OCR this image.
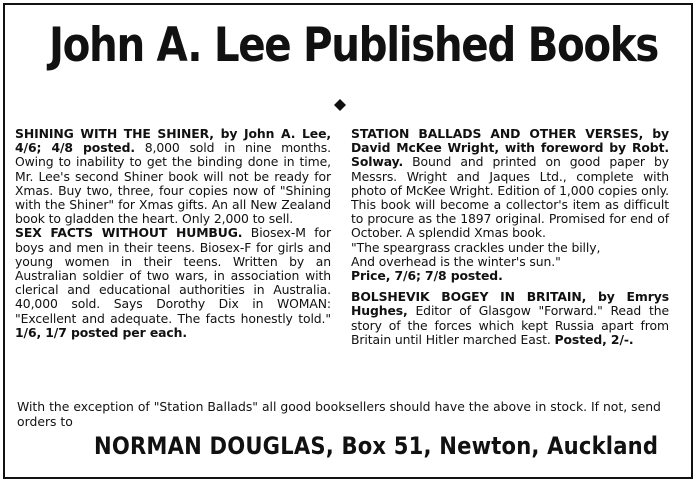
John A. Lee Published Books

SHINING WITH THE SHINER, by John A. Lee, 4/6; 4/8 posted. 8,000 sold in nine months. Owing to inability to get the binding done in time, Mr. Lee's second Shiner book will not be ready for Xmas. Buy two, three, four copies now of "Shining with the Shiner" for Xmas gifts. An all New Zealand book to gladden the heart. Only 2,000 to sell.

SEX FACTS WITHOUT HUMBUG. Biosex-M for boys and men in their teens. Biosex-F for girls and young women in their teens. Written by an Australian soldier of two wars, in association with clerical and educational authorities in Australia. 40,000 sold. Says Dorothy Dix in WOMAN: "Excellent and adequate. The facts honestly told." 1/6, 1/7 posted per each.

STATION BALLADS AND OTHER VERSES, by David McKee Wright, with foreword by Robt. Solway. Bound and printed on good paper by Messrs. Wright and Jaques Ltd., complete with photo of McKee Wright. Edition of 1,000 copies only. This book will become a collector's item as difficult to procure as the 1897 original. Promised for end of October. A splendid Xmas book.

"The speargrass crackles under the billy,
And overhead is the winter's sun."
Price, 7/6; 7/8 posted.

BOLSHEVIK BOGEY IN BRITAIN, by Emrys Hughes, Editor of Glasgow "Forward." Read the story of the forces which kept Russia apart from Britain until Hitler marched East. Posted, 2/-.

With the exception of "Station Ballads" all good booksellers should have the above in stock. If not, send orders to
NORMAN DOUGLAS, Box 51, Newton, Auckland
